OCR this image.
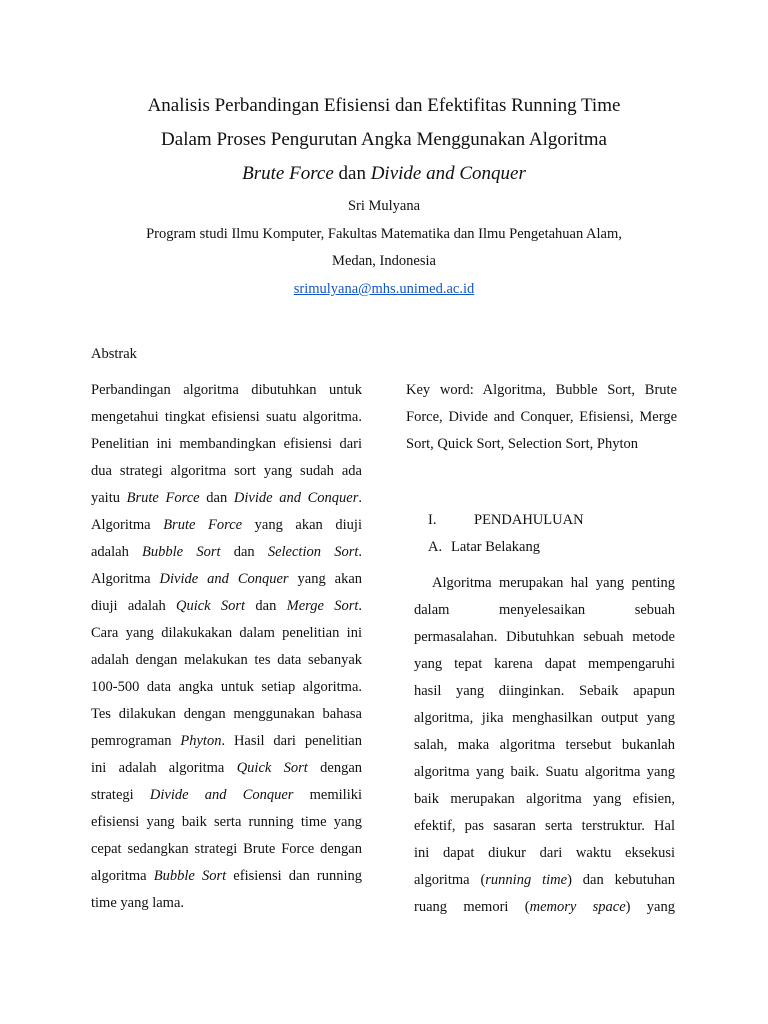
Analisis Perbandingan Efisiensi dan Efektifitas Running Time
Dalam Proses Pengurutan Angka Menggunakan Algoritma
Brute Force dan Divide and Conquer
Sri Mulyana
Program studi Ilmu Komputer, Fakultas Matematika dan Ilmu Pengetahuan Alam,
Medan, Indonesia
srimulyana@mhs.unimed.ac.id
Abstrak
Perbandingan algoritma dibutuhkan untuk
mengetahui tingkat efisiensi suatu algoritma.
Penelitian ini membandingkan efisiensi dari
dua strategi algoritma sort yang sudah ada
yaitu Brute Force dan Divide and Conquer.
Algoritma Brute Force yang akan diuji
adalah Bubble Sort dan Selection Sort.
Algoritma Divide and Conquer yang akan
diuji adalah Quick Sort dan Merge Sort.
Cara yang dilakukakan dalam penelitian ini
adalah dengan melakukan tes data sebanyak
100-500 data angka untuk setiap algoritma.
Tes dilakukan dengan menggunakan bahasa
pemrograman Phyton. Hasil dari penelitian
ini adalah algoritma Quick Sort dengan
strategi Divide and Conquer memiliki
efisiensi yang baik serta running time yang
cepat sedangkan strategi Brute Force dengan
algoritma Bubble Sort efisiensi dan running
time yang lama.
Key word: Algoritma, Bubble Sort, Brute
Force, Divide and Conquer, Efisiensi, Merge
Sort, Quick Sort, Selection Sort, Phyton
I.	PENDAHULUAN
A. Latar Belakang
Algoritma merupakan hal yang penting
dalam menyelesaikan sebuah
permasalahan. Dibutuhkan sebuah metode
yang tepat karena dapat mempengaruhi
hasil yang diinginkan. Sebaik apapun
algoritma, jika menghasilkan output yang
salah, maka algoritma tersebut bukanlah
algoritma yang baik. Suatu algoritma yang
baik merupakan algoritma yang efisien,
efektif, pas sasaran serta terstruktur. Hal
ini dapat diukur dari waktu eksekusi
algoritma (running time) dan kebutuhan
ruang memori (memory space) yang
